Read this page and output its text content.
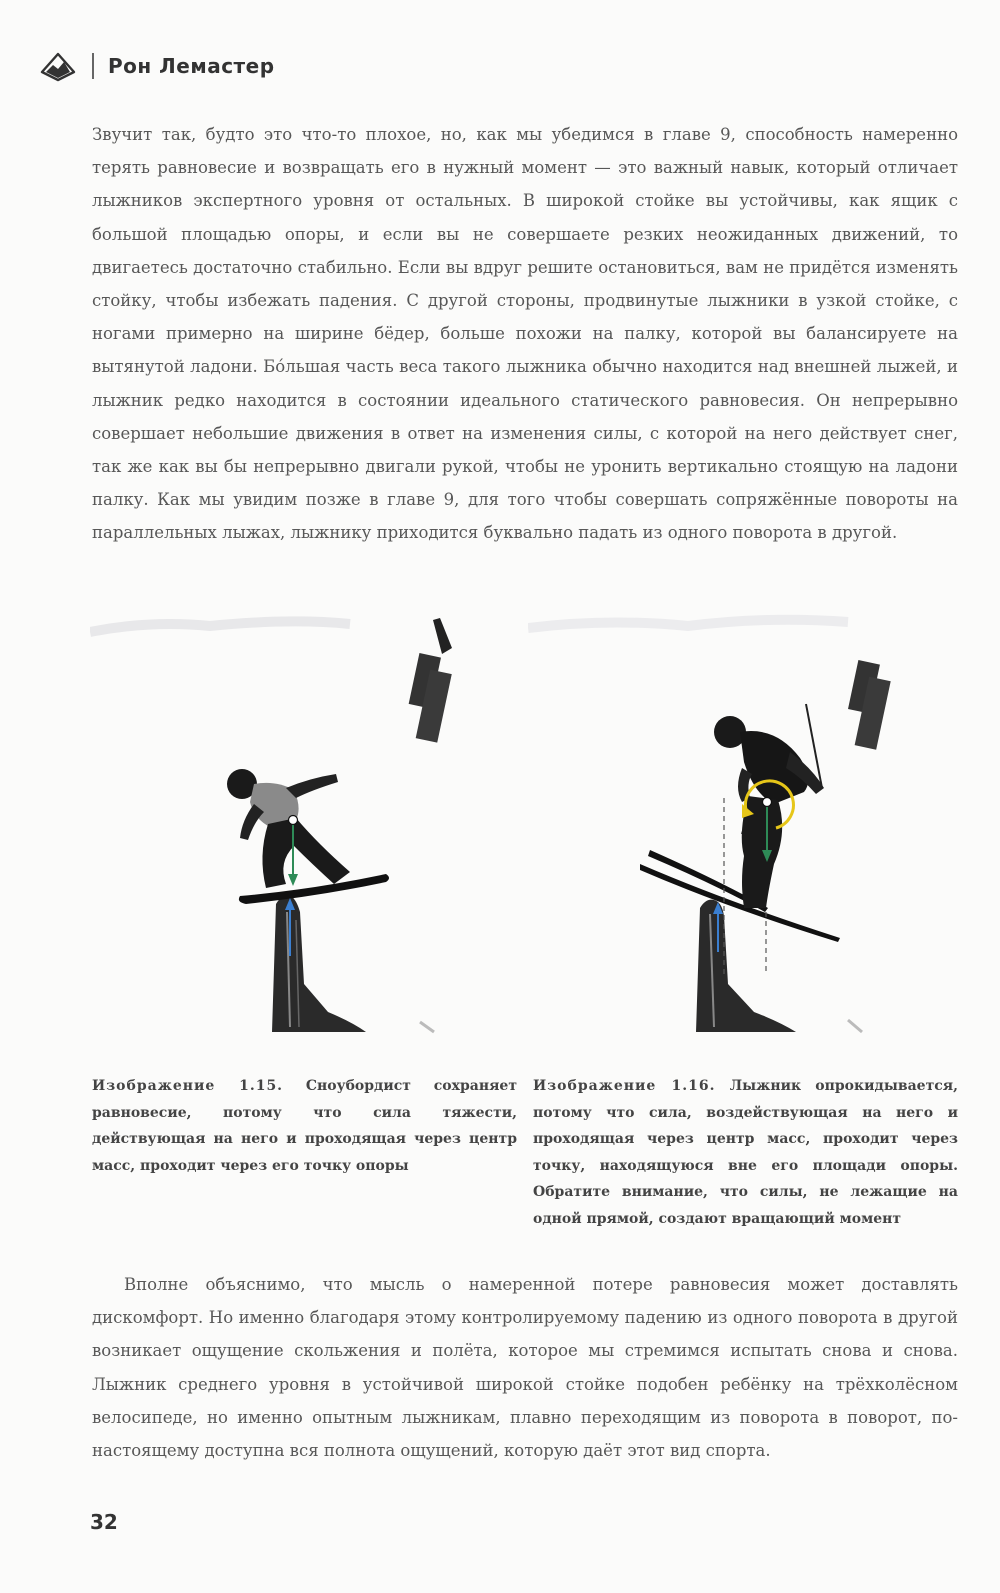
Рон Лемастер

Звучит так, будто это что-то плохое, но, как мы убедимся в главе 9, способность намеренно терять равновесие и возвращать его в нужный момент — это важный навык, который отличает лыжников экспертного уровня от остальных. В широкой стойке вы устойчивы, как ящик с большой площадью опоры, и если вы не совершаете резких неожиданных движений, то двигаетесь достаточно стабильно. Если вы вдруг решите остановиться, вам не придётся изменять стойку, чтобы избежать падения. С другой стороны, продвинутые лыжники в узкой стойке, с ногами примерно на ширине бёдер, больше похожи на палку, которой вы балансируете на вытянутой ладони. Бо́льшая часть веса такого лыжника обычно находится над внешней лыжей, и лыжник редко находится в состоянии идеального статического равновесия. Он непрерывно совершает небольшие движения в ответ на изменения силы, с которой на него действует снег, так же как вы бы непрерывно двигали рукой, чтобы не уронить вертикально стоящую на ладони палку. Как мы увидим позже в главе 9, для того чтобы совершать сопряжённые повороты на параллельных лыжах, лыжнику приходится буквально падать из одного поворота в другой.

Изображение 1.15. Сноубордист сохраняет равновесие, потому что сила тяжести, действующая на него и проходящая через центр масс, проходит через его точку опоры

Изображение 1.16. Лыжник опрокидывается, потому что сила, воздействующая на него и проходящая через центр масс, проходит через точку, находящуюся вне его площади опоры. Обратите внимание, что силы, не лежащие на одной прямой, создают вращающий момент

Вполне объяснимо, что мысль о намеренной потере равновесия может доставлять дискомфорт. Но именно благодаря этому контролируемому падению из одного поворота в другой возникает ощущение скольжения и полёта, которое мы стремимся испытать снова и снова. Лыжник среднего уровня в устойчивой широкой стойке подобен ребёнку на трёхколёсном велосипеде, но именно опытным лыжникам, плавно переходящим из поворота в поворот, по-настоящему доступна вся полнота ощущений, которую даёт этот вид спорта.

32
